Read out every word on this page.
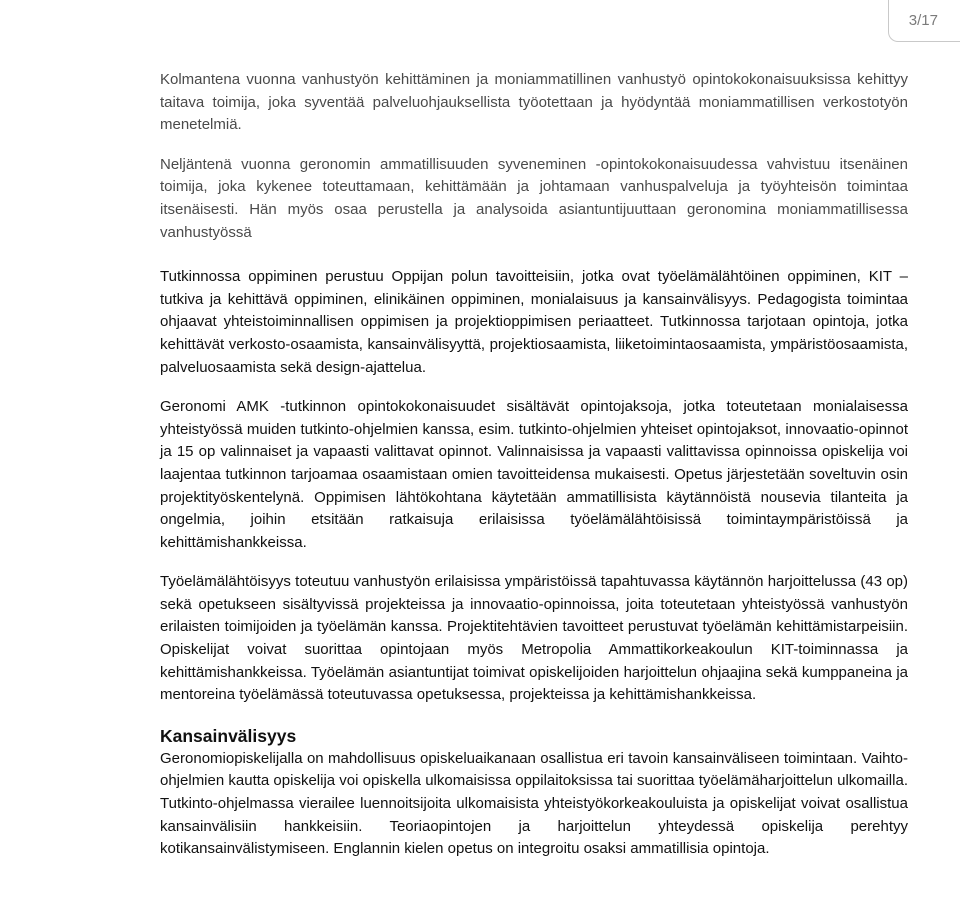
3/17

Kolmantena vuonna vanhustyön kehittäminen ja moniammatillinen vanhustyö opintokokonaisuuksissa kehittyy taitava toimija, joka syventää palveluohjauksellista työotettaan ja hyödyntää moniammatillisen verkostotyön menetelmiä.

Neljäntenä vuonna geronomin ammatillisuuden syveneminen -opintokokonaisuudessa vahvistuu itsenäinen toimija, joka kykenee toteuttamaan, kehittämään ja johtamaan vanhuspalveluja ja työyhteisön toimintaa itsenäisesti. Hän myös osaa perustella ja analysoida asiantuntijuuttaan geronomina moniammatillisessa vanhustyössä

Tutkinnossa oppiminen perustuu Oppijan polun tavoitteisiin, jotka ovat työelämälähtöinen oppiminen, KIT – tutkiva ja kehittävä oppiminen, elinikäinen oppiminen, monialaisuus ja kansainvälisyys. Pedagogista toimintaa ohjaavat yhteistoiminnallisen oppimisen ja projektioppimisen periaatteet. Tutkinnossa tarjotaan opintoja, jotka kehittävät verkosto-osaamista, kansainvälisyyttä, projektiosaamista, liiketoimintaosaamista, ympäristöosaamista, palveluosaamista sekä design-ajattelua.

Geronomi AMK -tutkinnon opintokokonaisuudet sisältävät opintojaksoja, jotka toteutetaan monialaisessa yhteistyössä muiden tutkinto-ohjelmien kanssa, esim. tutkinto-ohjelmien yhteiset opintojaksot, innovaatio-opinnot ja 15 op valinnaiset ja vapaasti valittavat opinnot. Valinnaisissa ja vapaasti valittavissa opinnoissa opiskelija voi laajentaa tutkinnon tarjoamaa osaamistaan omien tavoitteidensa mukaisesti. Opetus järjestetään soveltuvin osin projektityöskentelynä. Oppimisen lähtökohtana käytetään ammatillisista käytännöistä nousevia tilanteita ja ongelmia, joihin etsitään ratkaisuja erilaisissa työelämälähtöisissä toimintaympäristöissä ja kehittämishankkeissa.

Työelämälähtöisyys toteutuu vanhustyön erilaisissa ympäristöissä tapahtuvassa käytännön harjoittelussa (43 op) sekä opetukseen sisältyvissä projekteissa ja innovaatio-opinnoissa, joita toteutetaan yhteistyössä vanhustyön erilaisten toimijoiden ja työelämän kanssa. Projektitehtävien tavoitteet perustuvat työelämän kehittämistarpeisiin. Opiskelijat voivat suorittaa opintojaan myös Metropolia Ammattikorkeakoulun KIT-toiminnassa ja kehittämishankkeissa. Työelämän asiantuntijat toimivat opiskelijoiden harjoittelun ohjaajina sekä kumppaneina ja mentoreina työelämässä toteutuvassa opetuksessa, projekteissa ja kehittämishankkeissa.

Kansainvälisyys

Geronomiopiskelijalla on mahdollisuus opiskeluaikanaan osallistua eri tavoin kansainväliseen toimintaan. Vaihto-ohjelmien kautta opiskelija voi opiskella ulkomaisissa oppilaitoksissa tai suorittaa työelämäharjoittelun ulkomailla. Tutkinto-ohjelmassa vierailee luennoitsijoita ulkomaisista yhteistyökorkeakouluista ja opiskelijat voivat osallistua kansainvälisiin hankkeisiin. Teoriaopintojen ja harjoittelun yhteydessä opiskelija perehtyy kotikansainvälistymiseen. Englannin kielen opetus on integroitu osaksi ammatillisia opintoja.
